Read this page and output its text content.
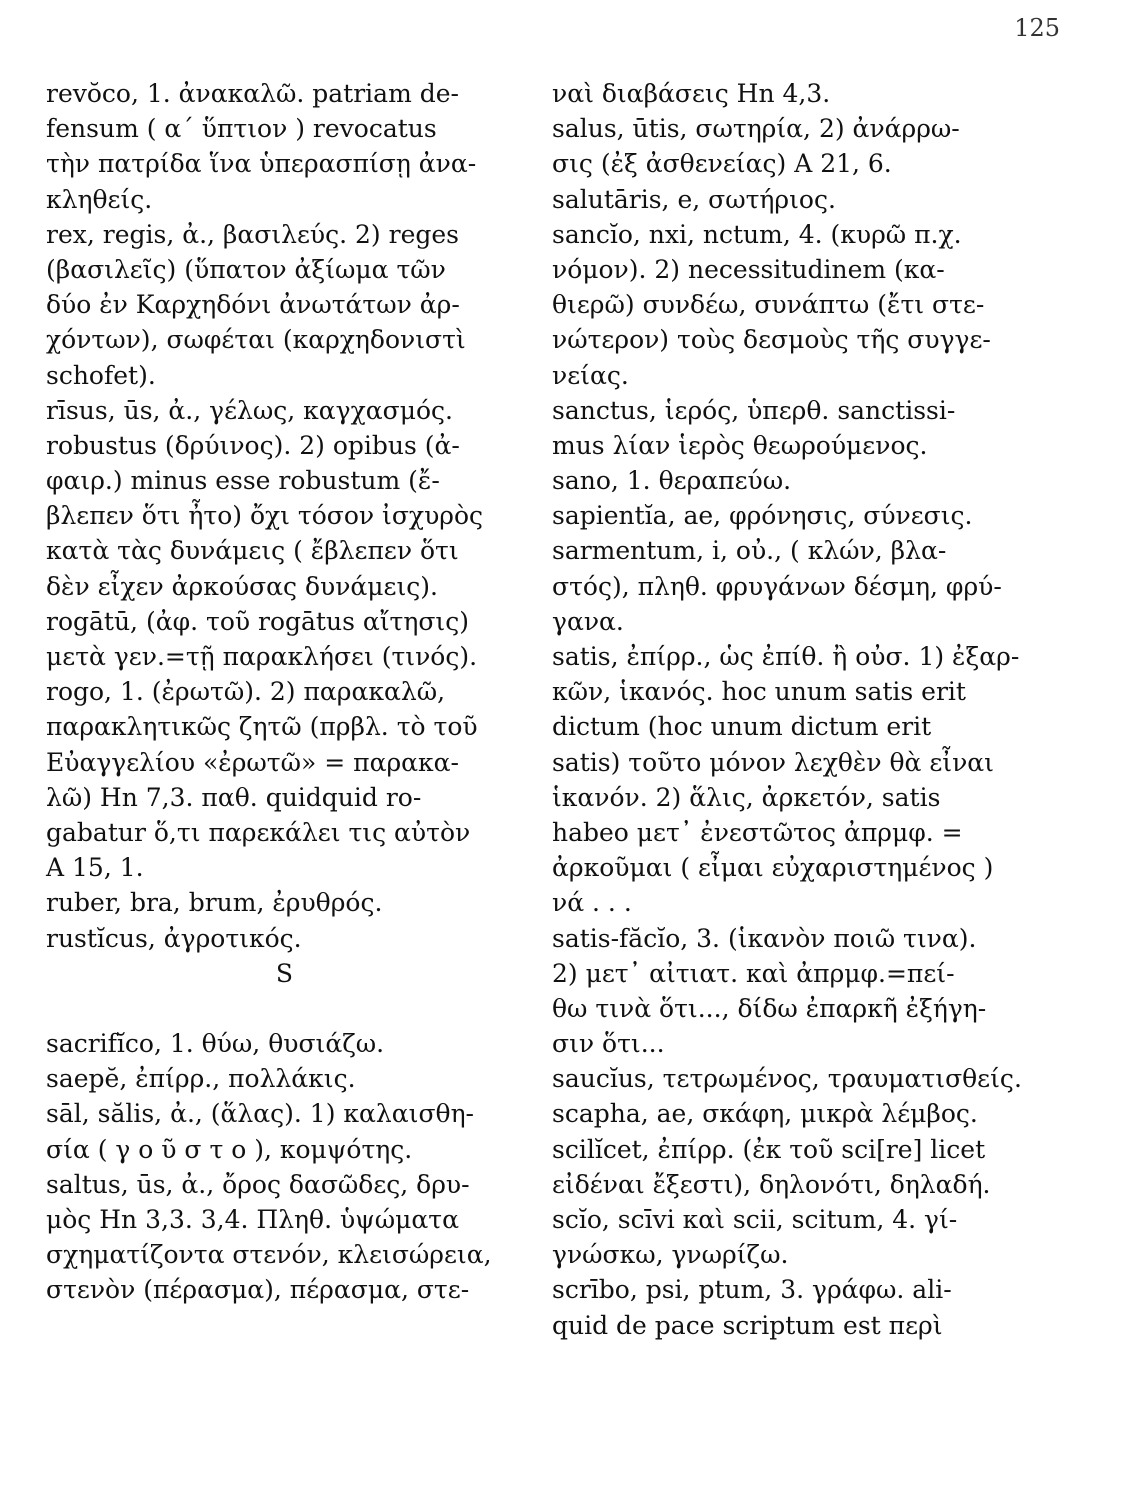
125
revŏco, 1. ἀνακαλῶ. patriam de-
fensum ( α΄ ὕπτιον ) revocatus
τὴν πατρίδα ἵνα ὑπερασπίσῃ ἀνα-
κληθείς.
rex, regis, ἀ., βασιλεύς. 2) reges
(βασιλεῖς) (ὕπατον ἀξίωμα τῶν
δύο ἐν Καρχηδόνι ἀνωτάτων ἀρ-
χόντων), σωφέται (καρχηδονιστὶ
schofet).
rīsus, ūs, ἀ., γέλως, καγχασμός.
robustus (δρύινος). 2) opibus (ἀ-
φαιρ.) minus esse robustum (ἔ-
βλεπεν ὅτι ἦτο) ὄχι τόσον ἰσχυρὸς
κατὰ τὰς δυνάμεις ( ἔβλεπεν ὅτι
δὲν εἶχεν ἀρκούσας δυνάμεις).
rogātū, (ἀφ. τοῦ rogātus αἴτησις)
μετὰ γεν.=τῇ παρακλήσει (τινός).
rogo, 1. (ἐρωτῶ). 2) παρακαλῶ,
παρακλητικῶς ζητῶ (πρβλ. τὸ τοῦ
Εὐαγγελίου «ἐρωτῶ» = παρακα-
λῶ) Hn 7,3. παθ. quidquid ro-
gabatur ὅ,τι παρεκάλει τις αὐτὸν
A 15, 1.
ruber, bra, brum, ἐρυθρός.
rustĭcus, ἀγροτικός.
S
sacrifĭco, 1. θύω, θυσιάζω.
saepĕ, ἐπίρρ., πολλάκις.
sāl, sălis, ἀ., (ἅλας). 1) καλαισθη-
σία ( γ ο ῦ σ τ ο ), κομψότης.
saltus, ūs, ἀ., ὄρος δασῶδες, δρυ-
μὸς Hn 3,3. 3,4. Πληθ. ὑψώματα
σχηματίζοντα στενόν, κλεισώρεια,
στενὸν (πέρασμα), πέρασμα, στε-
ναὶ διαβάσεις Hn 4,3.
salus, ūtis, σωτηρία, 2) ἀνάρρω-
σις (ἐξ ἀσθενείας) A 21, 6.
salutāris, e, σωτήριος.
sancĭo, nxi, nctum, 4. (κυρῶ π.χ.
νόμον). 2) necessitudinem (κα-
θιερῶ) συνδέω, συνάπτω (ἔτι στε-
νώτερον) τοὺς δεσμοὺς τῆς συγγε-
νείας.
sanctus, ἱερός, ὑπερθ. sanctissi-
mus λίαν ἱερὸς θεωρούμενος.
sano, 1. θεραπεύω.
sapientĭa, ae, φρόνησις, σύνεσις.
sarmentum, i, οὐ., ( κλών, βλα-
στός), πληθ. φρυγάνων δέσμη, φρύ-
γανα.
satis, ἐπίρρ., ὡς ἐπίθ. ἢ οὐσ. 1) ἐξαρ-
κῶν, ἱκανός. hoc unum satis erit
dictum (hoc unum dictum erit
satis) τοῦτο μόνον λεχθὲν θὰ εἶναι
ἱκανόν. 2) ἅλις, ἀρκετόν, satis
habeo μετ᾿ ἐνεστῶτος ἀπρμφ. =
ἀρκοῦμαι ( εἶμαι εὐχαριστημένος )
νά . . .
satis-făcĭo, 3. (ἱκανὸν ποιῶ τινα).
2) μετ᾿ αἰτιατ. καὶ ἀπρμφ.=πεί-
θω τινὰ ὅτι..., δίδω ἐπαρκῆ ἐξήγη-
σιν ὅτι...
saucĭus, τετρωμένος, τραυματισθείς.
scapha, ae, σκάφη, μικρὰ λέμβος.
scilĭcet, ἐπίρρ. (ἐκ τοῦ sci[re] licet
εἰδέναι ἔξεστι), δηλονότι, δηλαδή.
scĭo, scīvi καὶ scii, scitum, 4. γί-
γνώσκω, γνωρίζω.
scrībo, psi, ptum, 3. γράφω. ali-
quid de pace scriptum est περὶ
